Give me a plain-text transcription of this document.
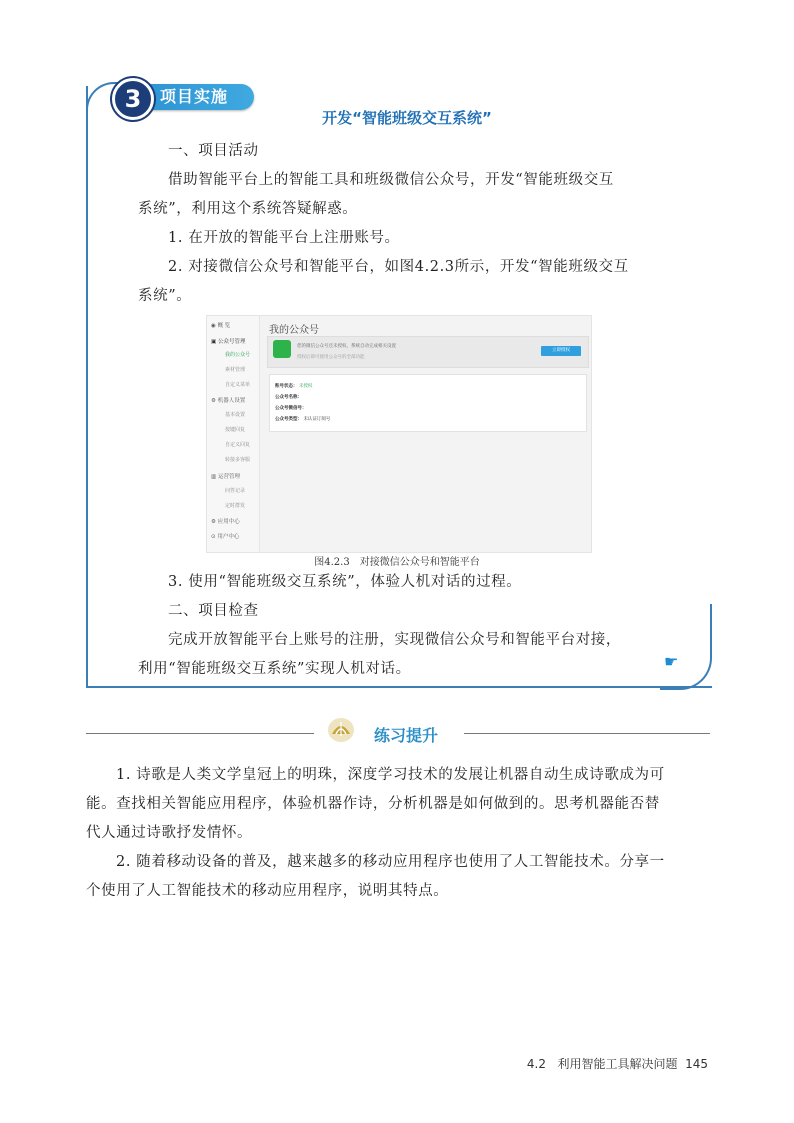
3	项目实施
开发“智能班级交互系统”
一、项目活动
借助智能平台上的智能工具和班级微信公众号，开发“智能班级交互
系统”，利用这个系统答疑解惑。
1. 在开放的智能平台上注册账号。
2. 对接微信公众号和智能平台，如图4.2.3所示，开发“智能班级交互
系统”。
◉ 概 览
▣ 公众号管理
我的公众号
素材管理
自定义菜单
⚙ 机器人设置
基本设置
按键回复
自定义回复
转接多客服
▥ 运营管理
问答记录
定时群发
⚙ 应用中心
⊙ 用户中心
我的公众号
您的微信公众号还未授权，系统自动完成相关设置
授权后即可使用公众号的全部功能
立即授权
账号状态： 未授权
公众号名称：
公众号微信号：
公众号类型： 未认证订阅号
图4.2.3　对接微信公众号和智能平台
3. 使用“智能班级交互系统”，体验人机对话的过程。
二、项目检查
完成开放智能平台上账号的注册，实现微信公众号和智能平台对接，
利用“智能班级交互系统”实现人机对话。	☛
练习提升
1. 诗歌是人类文学皇冠上的明珠，深度学习技术的发展让机器自动生成诗歌成为可
能。查找相关智能应用程序，体验机器作诗，分析机器是如何做到的。思考机器能否替
代人通过诗歌抒发情怀。
2. 随着移动设备的普及，越来越多的移动应用程序也使用了人工智能技术。分享一
个使用了人工智能技术的移动应用程序，说明其特点。
4.2 利用智能工具解决问题 145
